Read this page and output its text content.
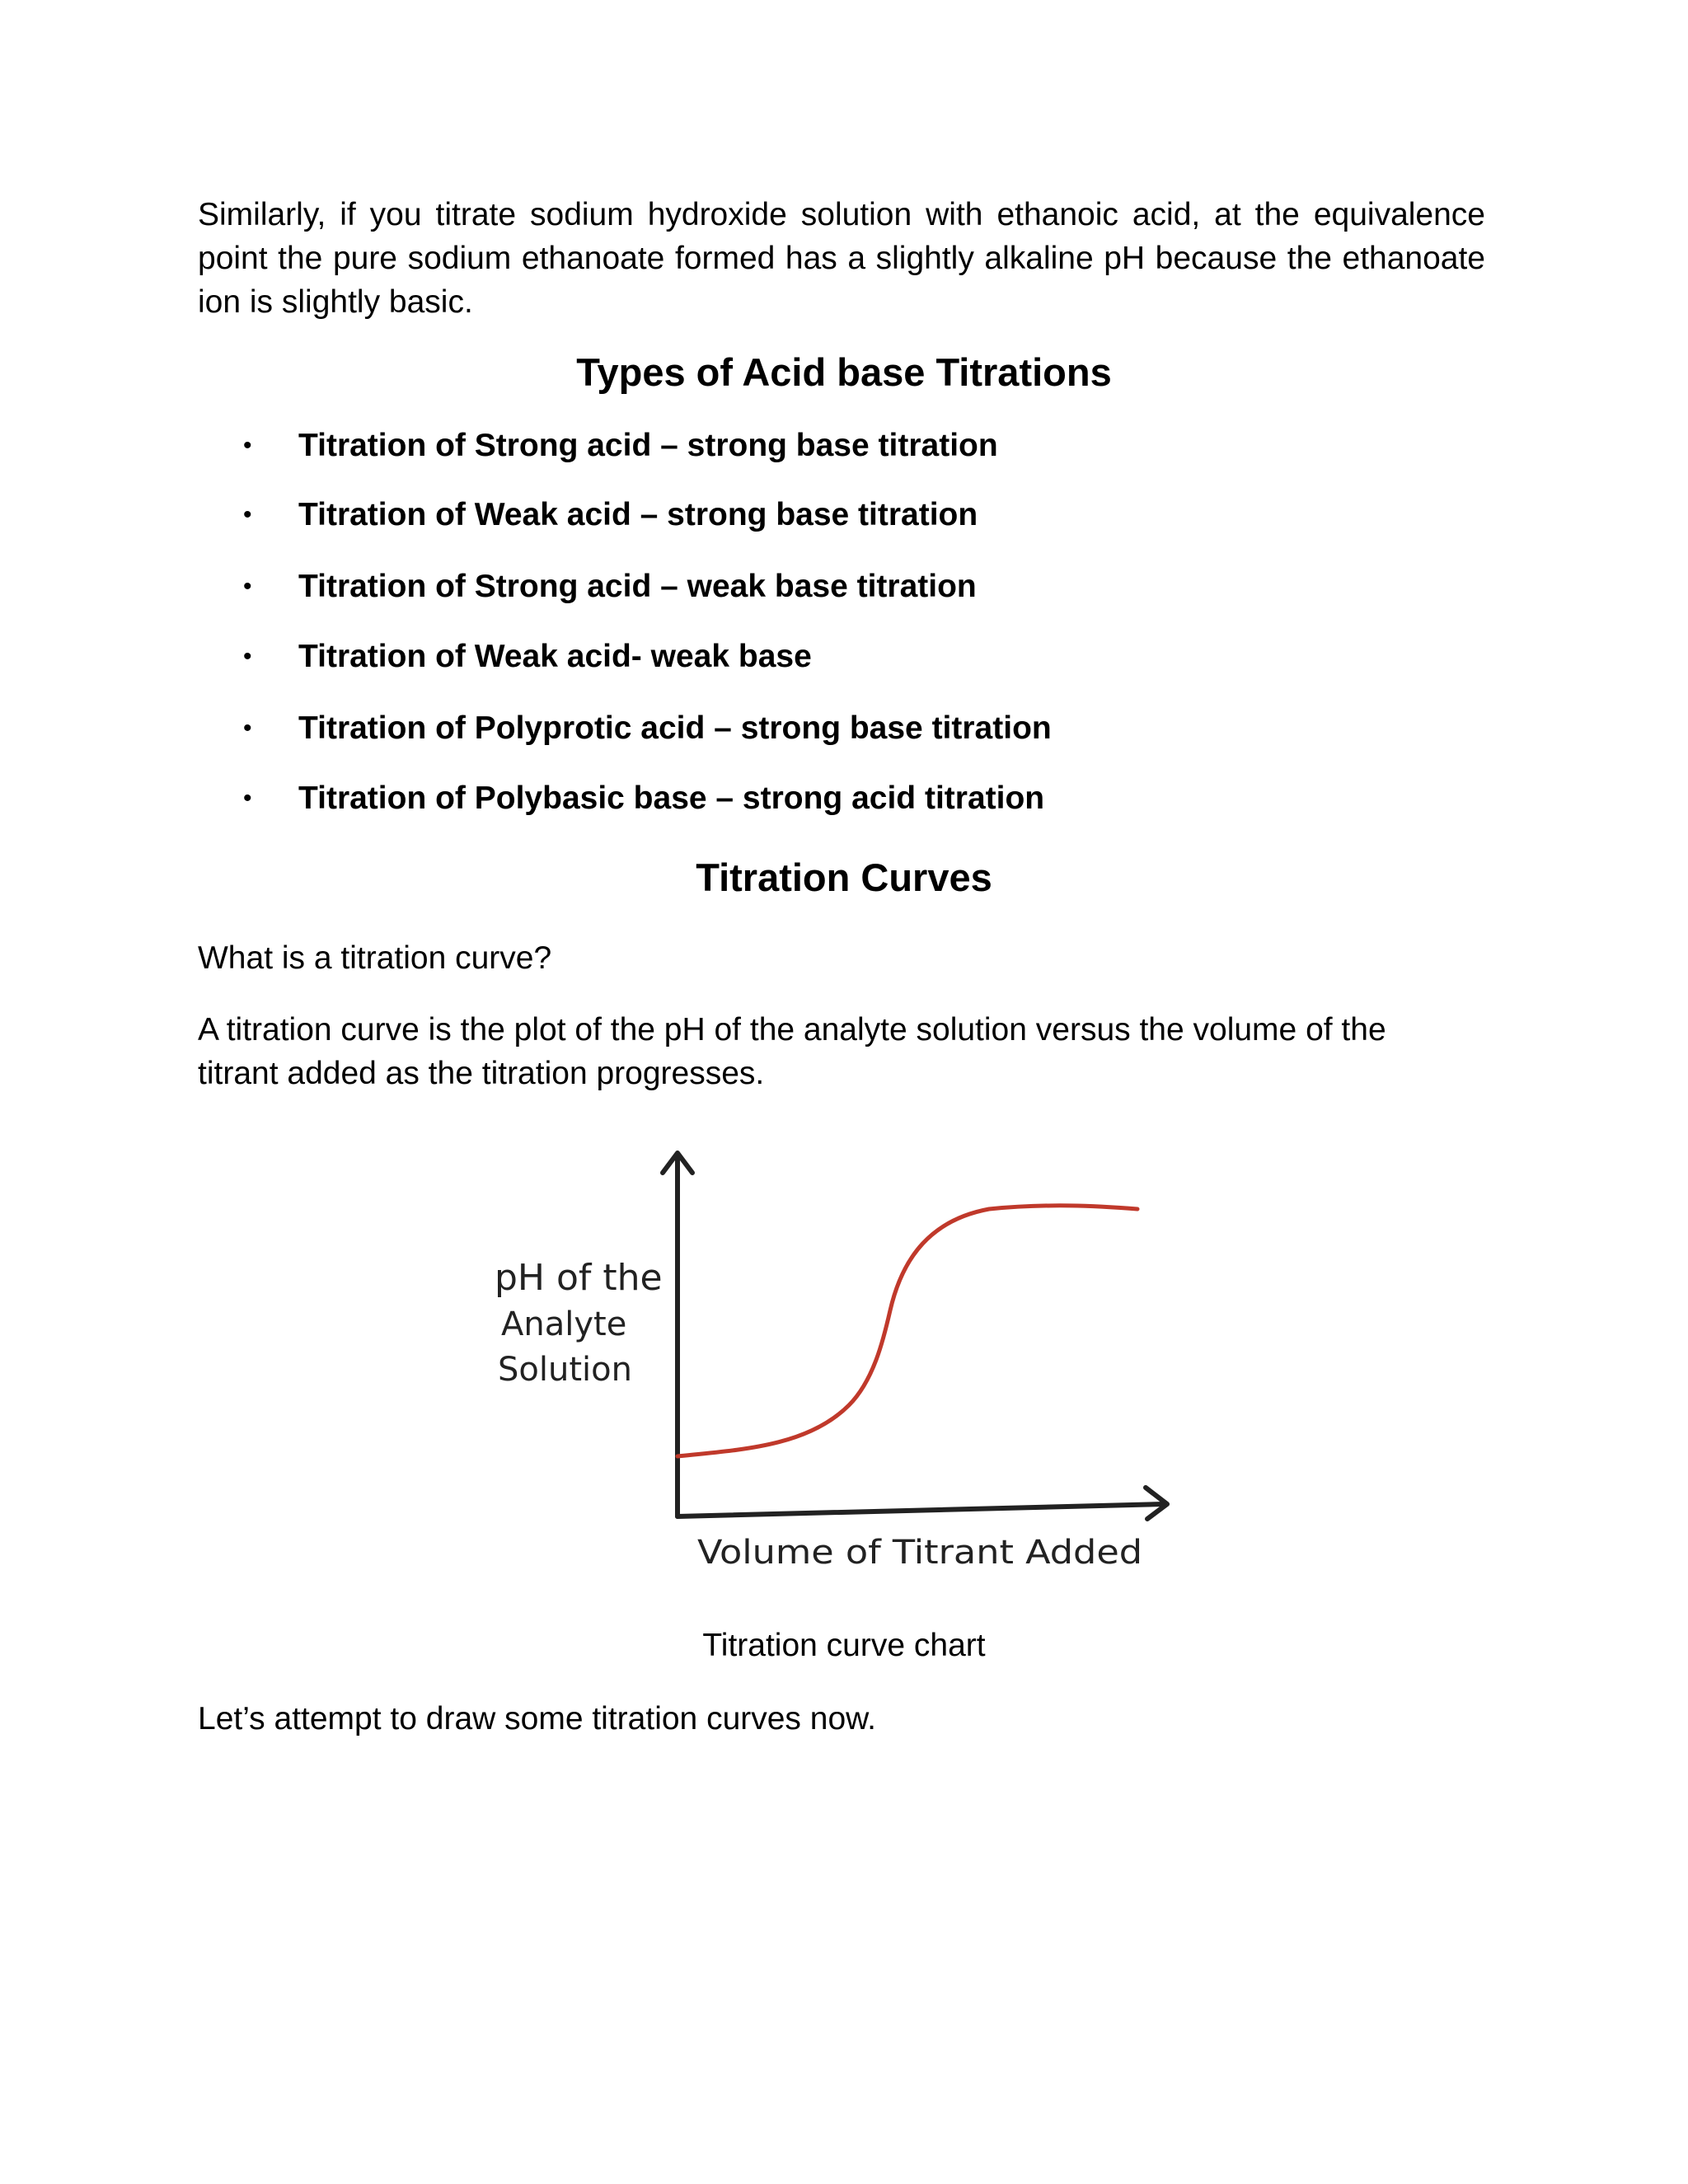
Similarly, if you titrate sodium hydroxide solution with ethanoic acid, at the equivalence point the pure sodium ethanoate formed has a slightly alkaline pH because the ethanoate ion is slightly basic.

Types of Acid base Titrations
• Titration of Strong acid – strong base titration
• Titration of Weak acid – strong base titration
• Titration of Strong acid – weak base titration
• Titration of Weak acid- weak base
• Titration of Polyprotic acid – strong base titration
• Titration of Polybasic base – strong acid titration
Titration Curves

What is a titration curve?

A titration curve is the plot of the pH of the analyte solution versus the volume of the titrant added as the titration progresses.

pH of the
Analyte
Solution
Volume of Titrant Added

Titration curve chart

Let’s attempt to draw some titration curves now.
